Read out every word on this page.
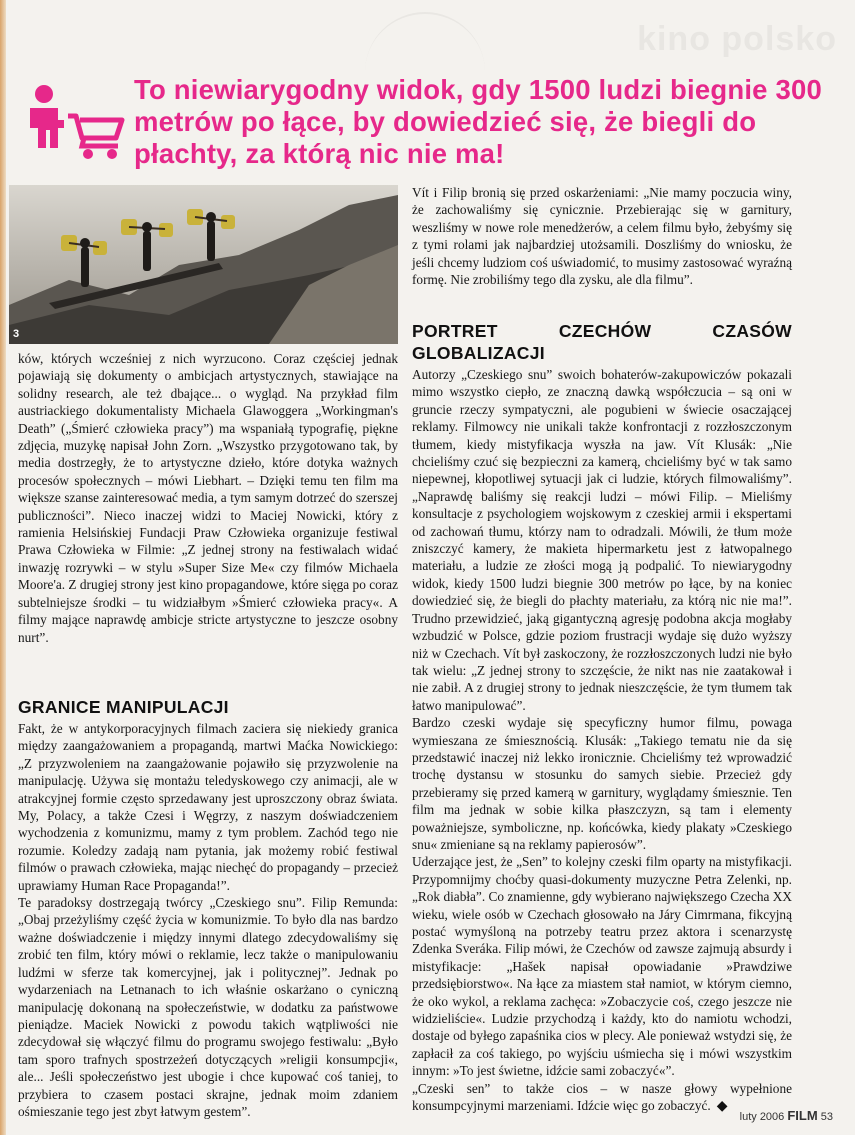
kino polsko
To niewiarygodny widok, gdy 1500 ludzi biegnie 300 metrów po łące, by dowiedzieć się, że biegli do płachty, za którą nic nie ma!
3

ków, których wcześniej z nich wyrzucono. Coraz częściej jednak pojawiają się dokumenty o ambicjach artystycznych, stawiające na solidny research, ale też dbające... o wygląd. Na przykład film austriackiego dokumentalisty Michaela Glawoggera „Workingman's Death” („Śmierć człowieka pracy”) ma wspaniałą typografię, piękne zdjęcia, muzykę napisał John Zorn. „Wszystko przygotowano tak, by media dostrzegły, że to artystyczne dzieło, które dotyka ważnych procesów społecznych – mówi Liebhart. – Dzięki temu ten film ma większe szanse zainteresować media, a tym samym dotrzeć do szerszej publiczności”. Nieco inaczej widzi to Maciej Nowicki, który z ramienia Helsińskiej Fundacji Praw Człowieka organizuje festiwal Prawa Człowieka w Filmie: „Z jednej strony na festiwalach widać inwazję rozrywki – w stylu »Super Size Me« czy filmów Michaela Moore'a. Z drugiej strony jest kino propagandowe, które sięga po coraz subtelniejsze środki – tu widziałbym »Śmierć człowieka pracy«. A filmy mające naprawdę ambicje stricte artystyczne to jeszcze osobny nurt”.

GRANICE MANIPULACJI

Fakt, że w antykorporacyjnych filmach zaciera się niekiedy granica między zaangażowaniem a propagandą, martwi Maćka Nowickiego: „Z przyzwoleniem na zaangażowanie pojawiło się przyzwolenie na manipulację. Używa się montażu teledyskowego czy animacji, ale w atrakcyjnej formie często sprzedawany jest uproszczony obraz świata. My, Polacy, a także Czesi i Węgrzy, z naszym doświadczeniem wychodzenia z komunizmu, mamy z tym problem. Zachód tego nie rozumie. Koledzy zadają nam pytania, jak możemy robić festiwal filmów o prawach człowieka, mając niechęć do propagandy – przecież uprawiamy Human Race Propaganda!”.

Te paradoksy dostrzegają twórcy „Czeskiego snu”. Filip Remunda: „Obaj przeżyliśmy część życia w komunizmie. To było dla nas bardzo ważne doświadczenie i między innymi dlatego zdecydowaliśmy się zrobić ten film, który mówi o reklamie, lecz także o manipulowaniu ludźmi w sferze tak komercyjnej, jak i politycznej”. Jednak po wydarzeniach na Letnanach to ich właśnie oskarżano o cyniczną manipulację dokonaną na społeczeństwie, w dodatku za państwowe pieniądze. Maciek Nowicki z powodu takich wątpliwości nie zdecydował się włączyć filmu do programu swojego festiwalu: „Było tam sporo trafnych spostrzeżeń dotyczących »religii konsumpcji«, ale... Jeśli społeczeństwo jest ubogie i chce kupować coś taniej, to przybiera to czasem postaci skrajne, jednak moim zdaniem ośmieszanie tego jest zbyt łatwym gestem”.

Vít i Filip bronią się przed oskarżeniami: „Nie mamy poczucia winy, że zachowaliśmy się cynicznie. Przebierając się w garnitury, weszliśmy w nowe role menedżerów, a celem filmu było, żebyśmy się z tymi rolami jak najbardziej utożsamili. Doszliśmy do wniosku, że jeśli chcemy ludziom coś uświadomić, to musimy zastosować wyraźną formę. Nie zrobiliśmy tego dla zysku, ale dla filmu”.

PORTRET CZECHÓW CZASÓW GLOBALIZACJI

Autorzy „Czeskiego snu” swoich bohaterów-zakupowiczów pokazali mimo wszystko ciepło, ze znaczną dawką współczucia – są oni w gruncie rzeczy sympatyczni, ale pogubieni w świecie osaczającej reklamy. Filmowcy nie unikali także konfrontacji z rozzłoszczonym tłumem, kiedy mistyfikacja wyszła na jaw. Vít Klusák: „Nie chcieliśmy czuć się bezpieczni za kamerą, chcieliśmy być w tak samo niepewnej, kłopotliwej sytuacji jak ci ludzie, których filmowaliśmy”. „Naprawdę baliśmy się reakcji ludzi – mówi Filip. – Mieliśmy konsultacje z psychologiem wojskowym z czeskiej armii i ekspertami od zachowań tłumu, którzy nam to odradzali. Mówili, że tłum może zniszczyć kamery, że makieta hipermarketu jest z łatwopalnego materiału, a ludzie ze złości mogą ją podpalić. To niewiarygodny widok, kiedy 1500 ludzi biegnie 300 metrów po łące, by na koniec dowiedzieć się, że biegli do płachty materiału, za którą nic nie ma!”. Trudno przewidzieć, jaką gigantyczną agresję podobna akcja mogłaby wzbudzić w Polsce, gdzie poziom frustracji wydaje się dużo wyższy niż w Czechach. Vít był zaskoczony, że rozzłoszczonych ludzi nie było tak wielu: „Z jednej strony to szczęście, że nikt nas nie zaatakował i nie zabił. A z drugiej strony to jednak nieszczęście, że tym tłumem tak łatwo manipulować”.

Bardzo czeski wydaje się specyficzny humor filmu, powaga wymieszana ze śmiesznością. Klusák: „Takiego tematu nie da się przedstawić inaczej niż lekko ironicznie. Chcieliśmy też wprowadzić trochę dystansu w stosunku do samych siebie. Przecież gdy przebieramy się przed kamerą w garnitury, wyglądamy śmiesznie. Ten film ma jednak w sobie kilka płaszczyzn, są tam i elementy poważniejsze, symboliczne, np. końcówka, kiedy plakaty »Czeskiego snu« zmieniane są na reklamy papierosów”.

Uderzające jest, że „Sen” to kolejny czeski film oparty na mistyfikacji. Przypomnijmy choćby quasi-dokumenty muzyczne Petra Zelenki, np. „Rok diabła”. Co znamienne, gdy wybierano największego Czecha XX wieku, wiele osób w Czechach głosowało na Járy Cimrmana, fikcyjną postać wymyśloną na potrzeby teatru przez aktora i scenarzystę Zdenka Sveráka. Filip mówi, że Czechów od zawsze zajmują absurdy i mistyfikacje: „Hašek napisał opowiadanie »Prawdziwe przedsiębiorstwo«. Na łące za miastem stał namiot, w którym ciemno, że oko wykol, a reklama zachęca: »Zobaczycie coś, czego jeszcze nie widzieliście«. Ludzie przychodzą i każdy, kto do namiotu wchodzi, dostaje od byłego zapaśnika cios w plecy. Ale ponieważ wstydzi się, że zapłacił za coś takiego, po wyjściu uśmiecha się i mówi wszystkim innym: »To jest świetne, idźcie sami zobaczyć«”.

„Czeski sen” to także cios – w nasze głowy wypełnione konsumpcyjnymi marzeniami. Idźcie więc go zobaczyć. ◆

luty 2006 FILM 53
